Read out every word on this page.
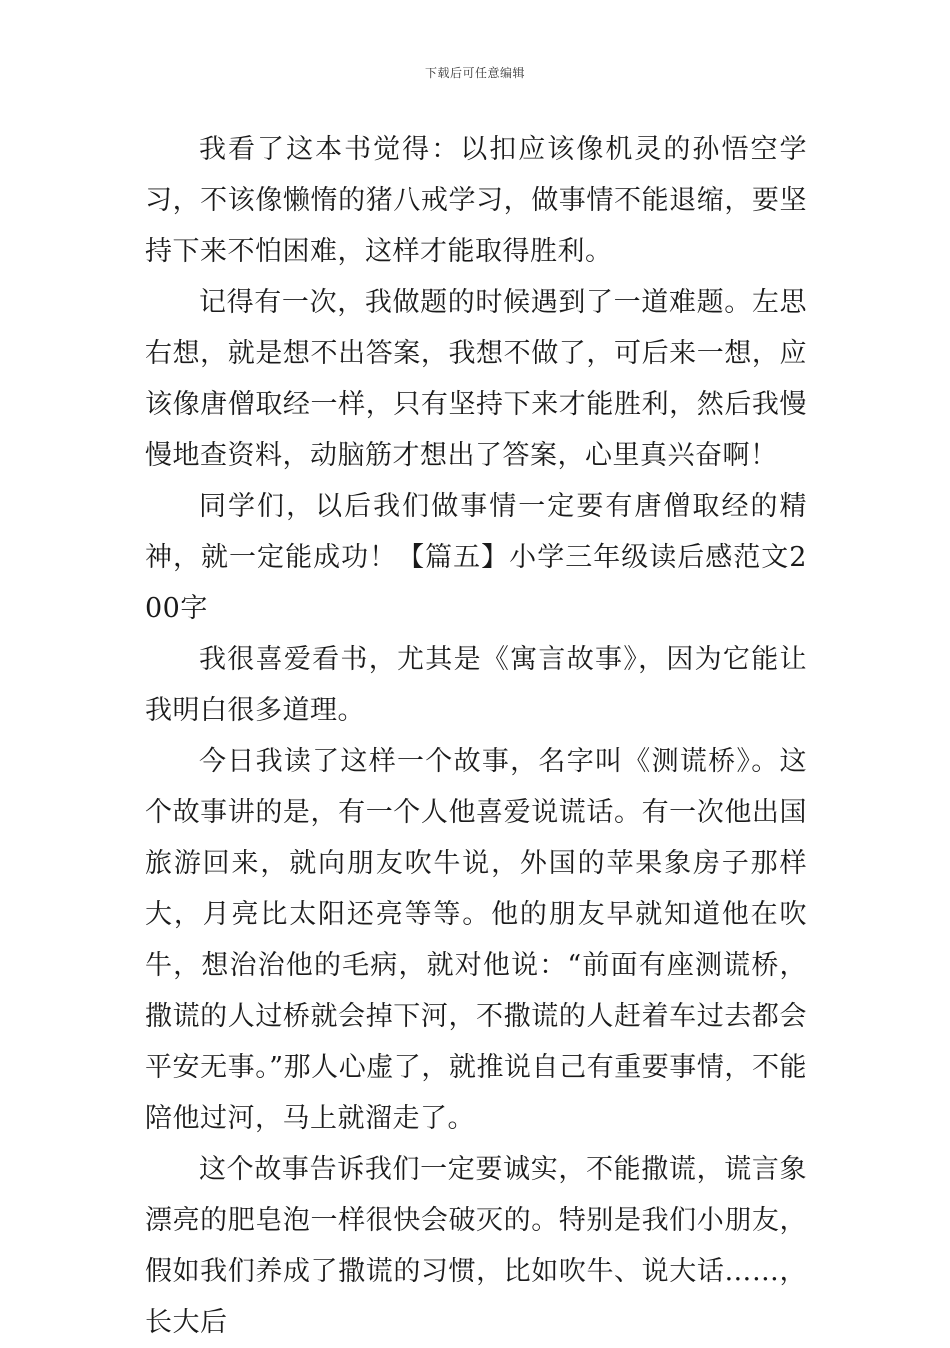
下载后可任意编辑

我看了这本书觉得：以扣应该像机灵的孙悟空学习，不该像懒惰的猪八戒学习，做事情不能退缩，要坚持下来不怕困难，这样才能取得胜利。

记得有一次，我做题的时候遇到了一道难题。左思右想，就是想不出答案，我想不做了，可后来一想，应该像唐僧取经一样，只有坚持下来才能胜利，然后我慢慢地查资料，动脑筋才想出了答案，心里真兴奋啊！

同学们，以后我们做事情一定要有唐僧取经的精神，就一定能成功！【篇五】小学三年级读后感范文200字

我很喜爱看书，尤其是《寓言故事》，因为它能让我明白很多道理。

今日我读了这样一个故事，名字叫《测谎桥》。这个故事讲的是，有一个人他喜爱说谎话。有一次他出国旅游回来，就向朋友吹牛说，外国的苹果象房子那样大，月亮比太阳还亮等等。他的朋友早就知道他在吹牛，想治治他的毛病，就对他说：“前面有座测谎桥，撒谎的人过桥就会掉下河，不撒谎的人赶着车过去都会平安无事。”那人心虚了，就推说自己有重要事情，不能陪他过河，马上就溜走了。

这个故事告诉我们一定要诚实，不能撒谎，谎言象漂亮的肥皂泡一样很快会破灭的。特别是我们小朋友，假如我们养成了撒谎的习惯，比如吹牛、说大话……，长大后
